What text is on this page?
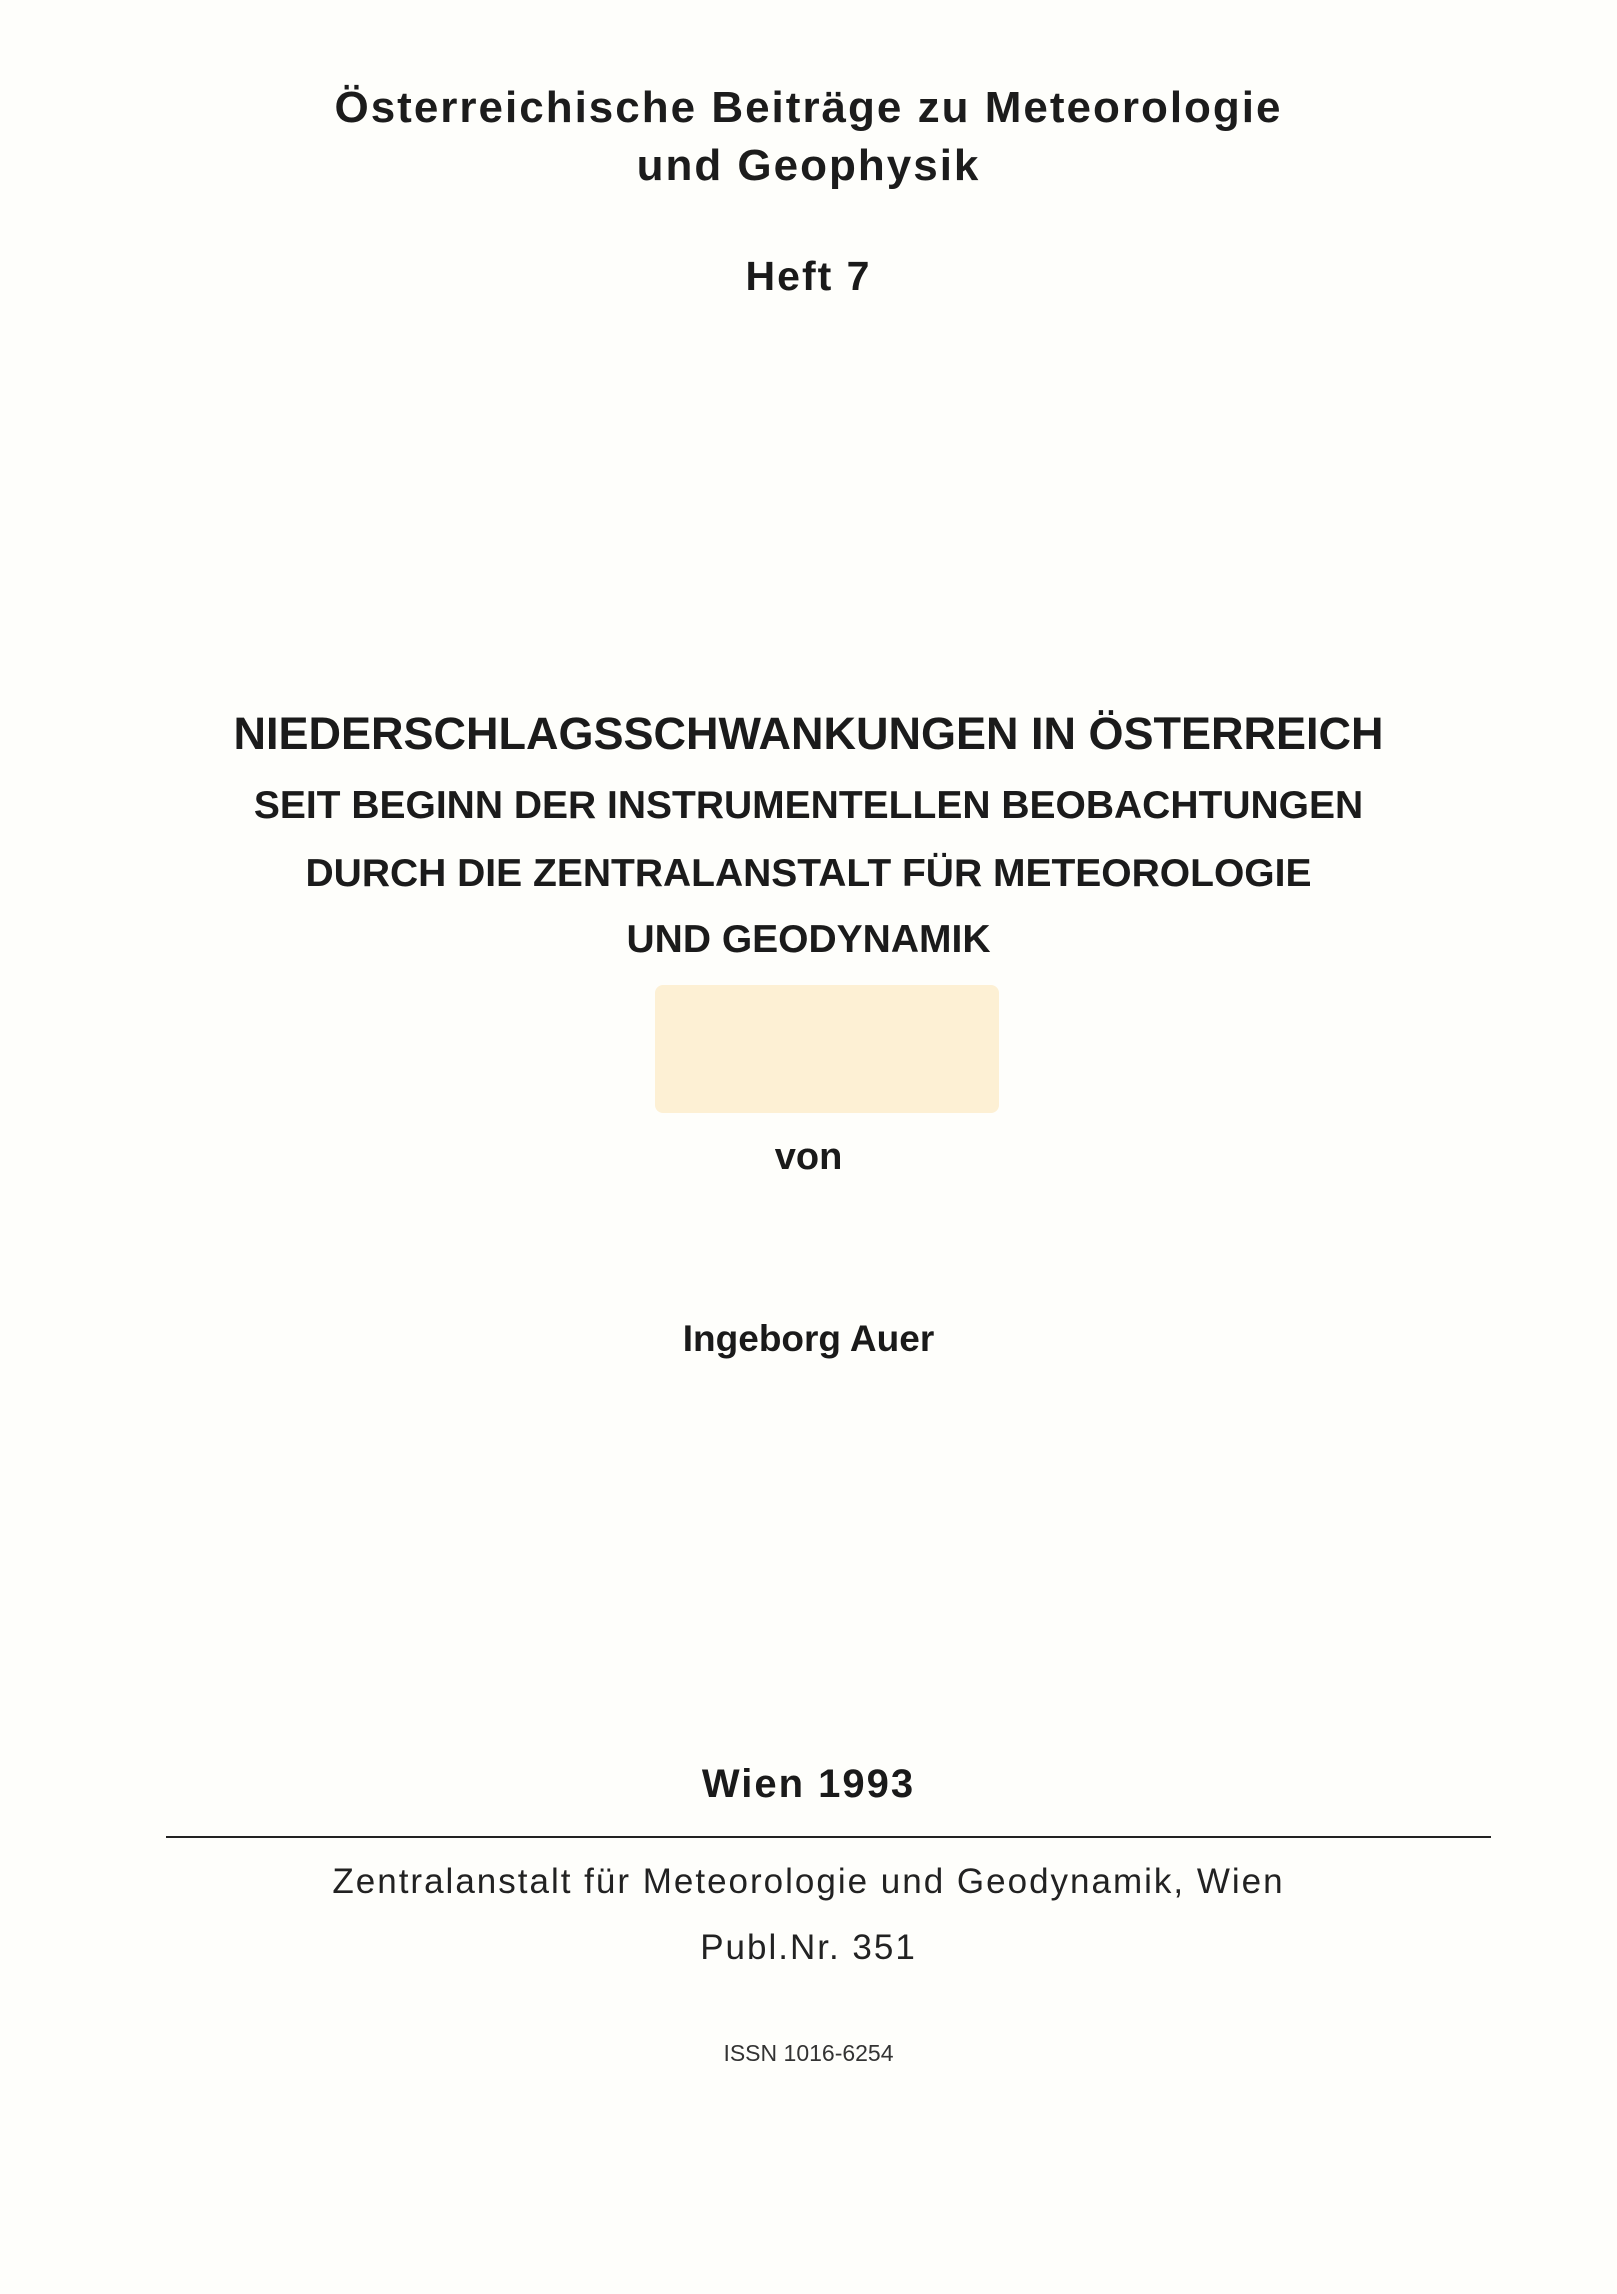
Österreichische Beiträge zu Meteorologie
und Geophysik
Heft 7
NIEDERSCHLAGSSCHWANKUNGEN IN ÖSTERREICH
SEIT BEGINN DER INSTRUMENTELLEN BEOBACHTUNGEN
DURCH DIE ZENTRALANSTALT FÜR METEOROLOGIE
UND GEODYNAMIK
von
Ingeborg Auer
Wien 1993
Zentralanstalt für Meteorologie und Geodynamik, Wien
Publ.Nr. 351
ISSN 1016-6254
